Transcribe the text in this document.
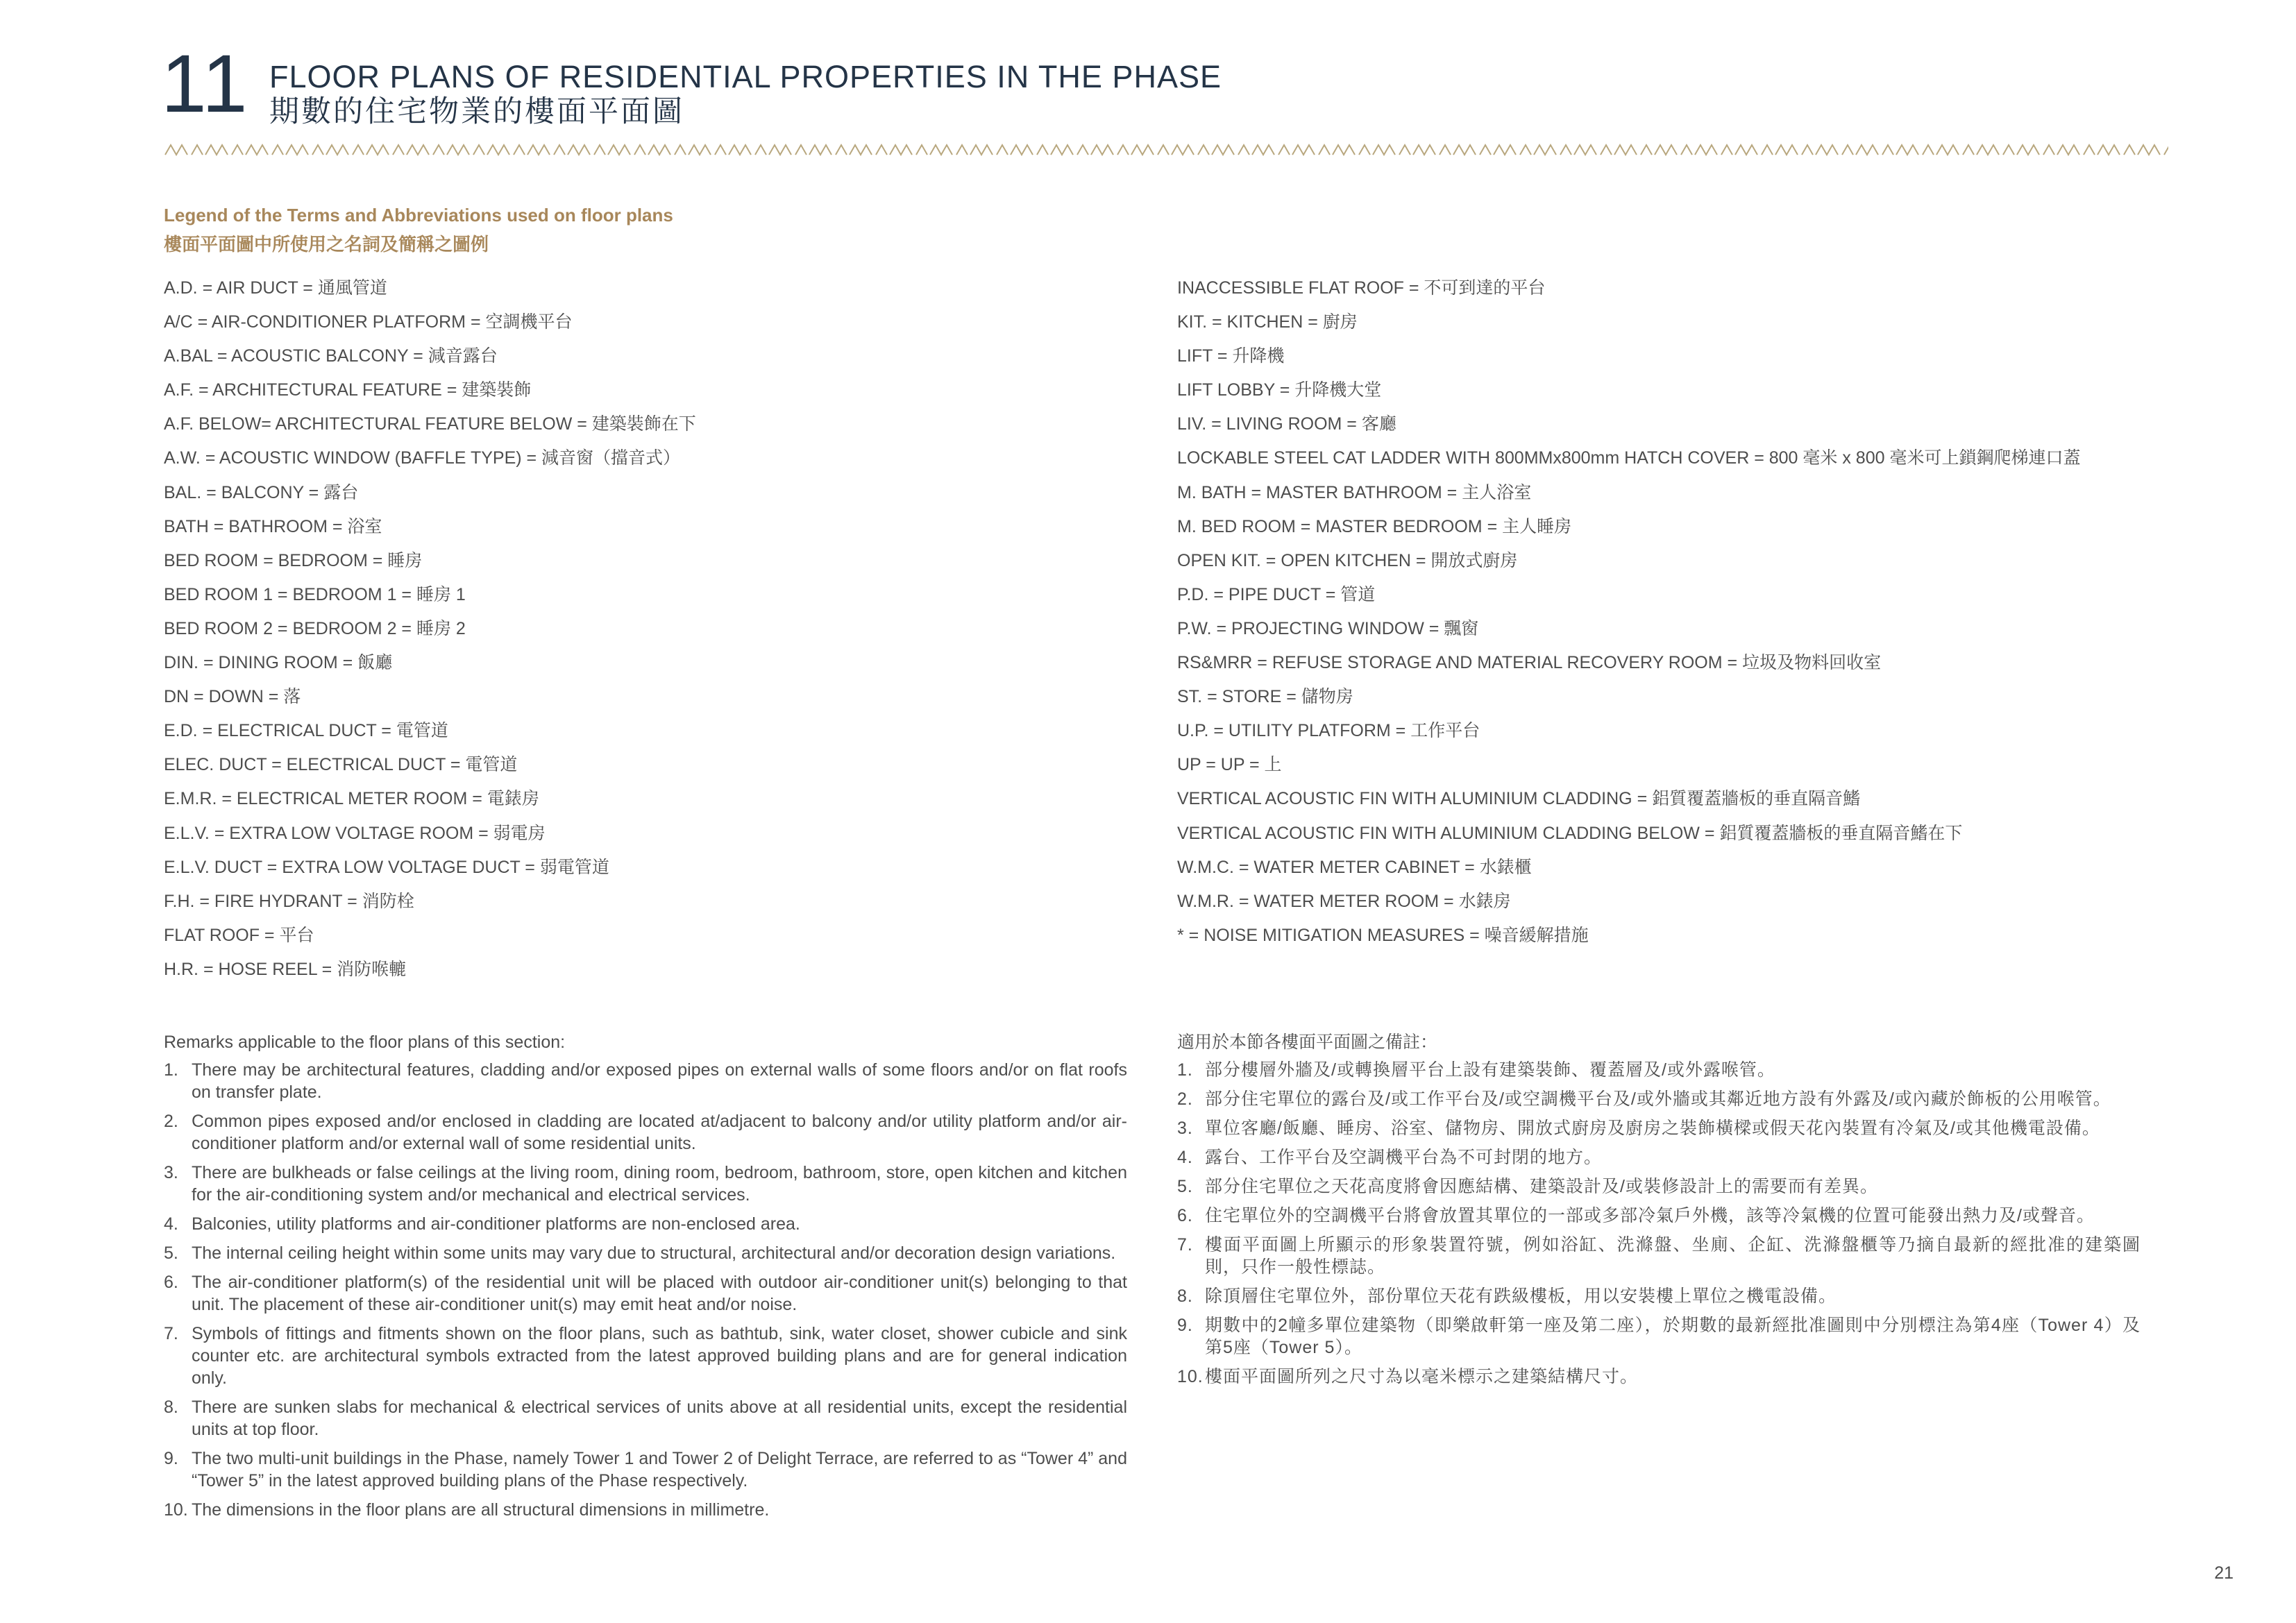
11 FLOOR PLANS OF RESIDENTIAL PROPERTIES IN THE PHASE
期數的住宅物業的樓面平面圖
Legend of the Terms and Abbreviations used on floor plans
樓面平面圖中所使用之名詞及簡稱之圖例
A.D. = AIR DUCT = 通風管道
A/C = AIR-CONDITIONER PLATFORM = 空調機平台
A.BAL = ACOUSTIC BALCONY = 減音露台
A.F. = ARCHITECTURAL FEATURE = 建築裝飾
A.F. BELOW= ARCHITECTURAL FEATURE BELOW = 建築裝飾在下
A.W. = ACOUSTIC WINDOW (BAFFLE TYPE) = 減音窗（擋音式）
BAL. = BALCONY = 露台
BATH = BATHROOM = 浴室
BED ROOM = BEDROOM = 睡房
BED ROOM 1 = BEDROOM 1 = 睡房 1
BED ROOM 2 = BEDROOM 2 = 睡房 2
DIN. = DINING ROOM = 飯廳
DN = DOWN = 落
E.D. = ELECTRICAL DUCT = 電管道
ELEC. DUCT = ELECTRICAL DUCT = 電管道
E.M.R. = ELECTRICAL METER ROOM = 電錶房
E.L.V. = EXTRA LOW VOLTAGE ROOM = 弱電房
E.L.V. DUCT = EXTRA LOW VOLTAGE DUCT = 弱電管道
F.H. = FIRE HYDRANT = 消防栓
FLAT ROOF = 平台
H.R. = HOSE REEL = 消防喉轆
INACCESSIBLE FLAT ROOF = 不可到達的平台
KIT. = KITCHEN = 廚房
LIFT = 升降機
LIFT LOBBY = 升降機大堂
LIV. = LIVING ROOM = 客廳
LOCKABLE STEEL CAT LADDER WITH 800MMx800mm HATCH COVER = 800 毫米 x 800 毫米可上鎖鋼爬梯連口蓋
M. BATH = MASTER BATHROOM = 主人浴室
M. BED ROOM = MASTER BEDROOM = 主人睡房
OPEN KIT. = OPEN KITCHEN = 開放式廚房
P.D. = PIPE DUCT = 管道
P.W. = PROJECTING WINDOW = 飄窗
RS&MRR = REFUSE STORAGE AND MATERIAL RECOVERY ROOM = 垃圾及物料回收室
ST. = STORE = 儲物房
U.P. = UTILITY PLATFORM = 工作平台
UP = UP = 上
VERTICAL ACOUSTIC FIN WITH ALUMINIUM CLADDING = 鋁質覆蓋牆板的垂直隔音鰭
VERTICAL ACOUSTIC FIN WITH ALUMINIUM CLADDING BELOW = 鋁質覆蓋牆板的垂直隔音鰭在下
W.M.C. = WATER METER CABINET = 水錶櫃
W.M.R. = WATER METER ROOM = 水錶房
* = NOISE MITIGATION MEASURES = 噪音緩解措施
Remarks applicable to the floor plans of this section:
1. There may be architectural features, cladding and/or exposed pipes on external walls of some floors and/or on flat roofs on transfer plate.
2. Common pipes exposed and/or enclosed in cladding are located at/adjacent to balcony and/or utility platform and/or air-conditioner platform and/or external wall of some residential units.
3. There are bulkheads or false ceilings at the living room, dining room, bedroom, bathroom, store, open kitchen and kitchen for the air-conditioning system and/or mechanical and electrical services.
4. Balconies, utility platforms and air-conditioner platforms are non-enclosed area.
5. The internal ceiling height within some units may vary due to structural, architectural and/or decoration design variations.
6. The air-conditioner platform(s) of the residential unit will be placed with outdoor air-conditioner unit(s) belonging to that unit. The placement of these air-conditioner unit(s) may emit heat and/or noise.
7. Symbols of fittings and fitments shown on the floor plans, such as bathtub, sink, water closet, shower cubicle and sink counter etc. are architectural symbols extracted from the latest approved building plans and are for general indication only.
8. There are sunken slabs for mechanical & electrical services of units above at all residential units, except the residential units at top floor.
9. The two multi-unit buildings in the Phase, namely Tower 1 and Tower 2 of Delight Terrace, are referred to as “Tower 4” and “Tower 5” in the latest approved building plans of the Phase respectively.
10. The dimensions in the floor plans are all structural dimensions in millimetre.
適用於本節各樓面平面圖之備註：
1. 部分樓層外牆及/或轉換層平台上設有建築裝飾、覆蓋層及/或外露喉管。
2. 部分住宅單位的露台及/或工作平台及/或空調機平台及/或外牆或其鄰近地方設有外露及/或內藏於飾板的公用喉管。
3. 單位客廳/飯廳、睡房、浴室、儲物房、開放式廚房及廚房之裝飾橫樑或假天花內裝置有冷氣及/或其他機電設備。
4. 露台、工作平台及空調機平台為不可封閉的地方。
5. 部分住宅單位之天花高度將會因應結構、建築設計及/或裝修設計上的需要而有差異。
6. 住宅單位外的空調機平台將會放置其單位的一部或多部冷氣戶外機，該等冷氣機的位置可能發出熱力及/或聲音。
7. 樓面平面圖上所顯示的形象裝置符號，例如浴缸、洗滌盤、坐廁、企缸、洗滌盤櫃等乃摘自最新的經批准的建築圖則，只作一般性標誌。
8. 除頂層住宅單位外，部份單位天花有跌級樓板，用以安裝樓上單位之機電設備。
9. 期數中的2幢多單位建築物（即樂啟軒第一座及第二座），於期數的最新經批准圖則中分別標注為第4座（Tower 4）及第5座（Tower 5）。
10. 樓面平面圖所列之尺寸為以毫米標示之建築結構尺寸。
21
